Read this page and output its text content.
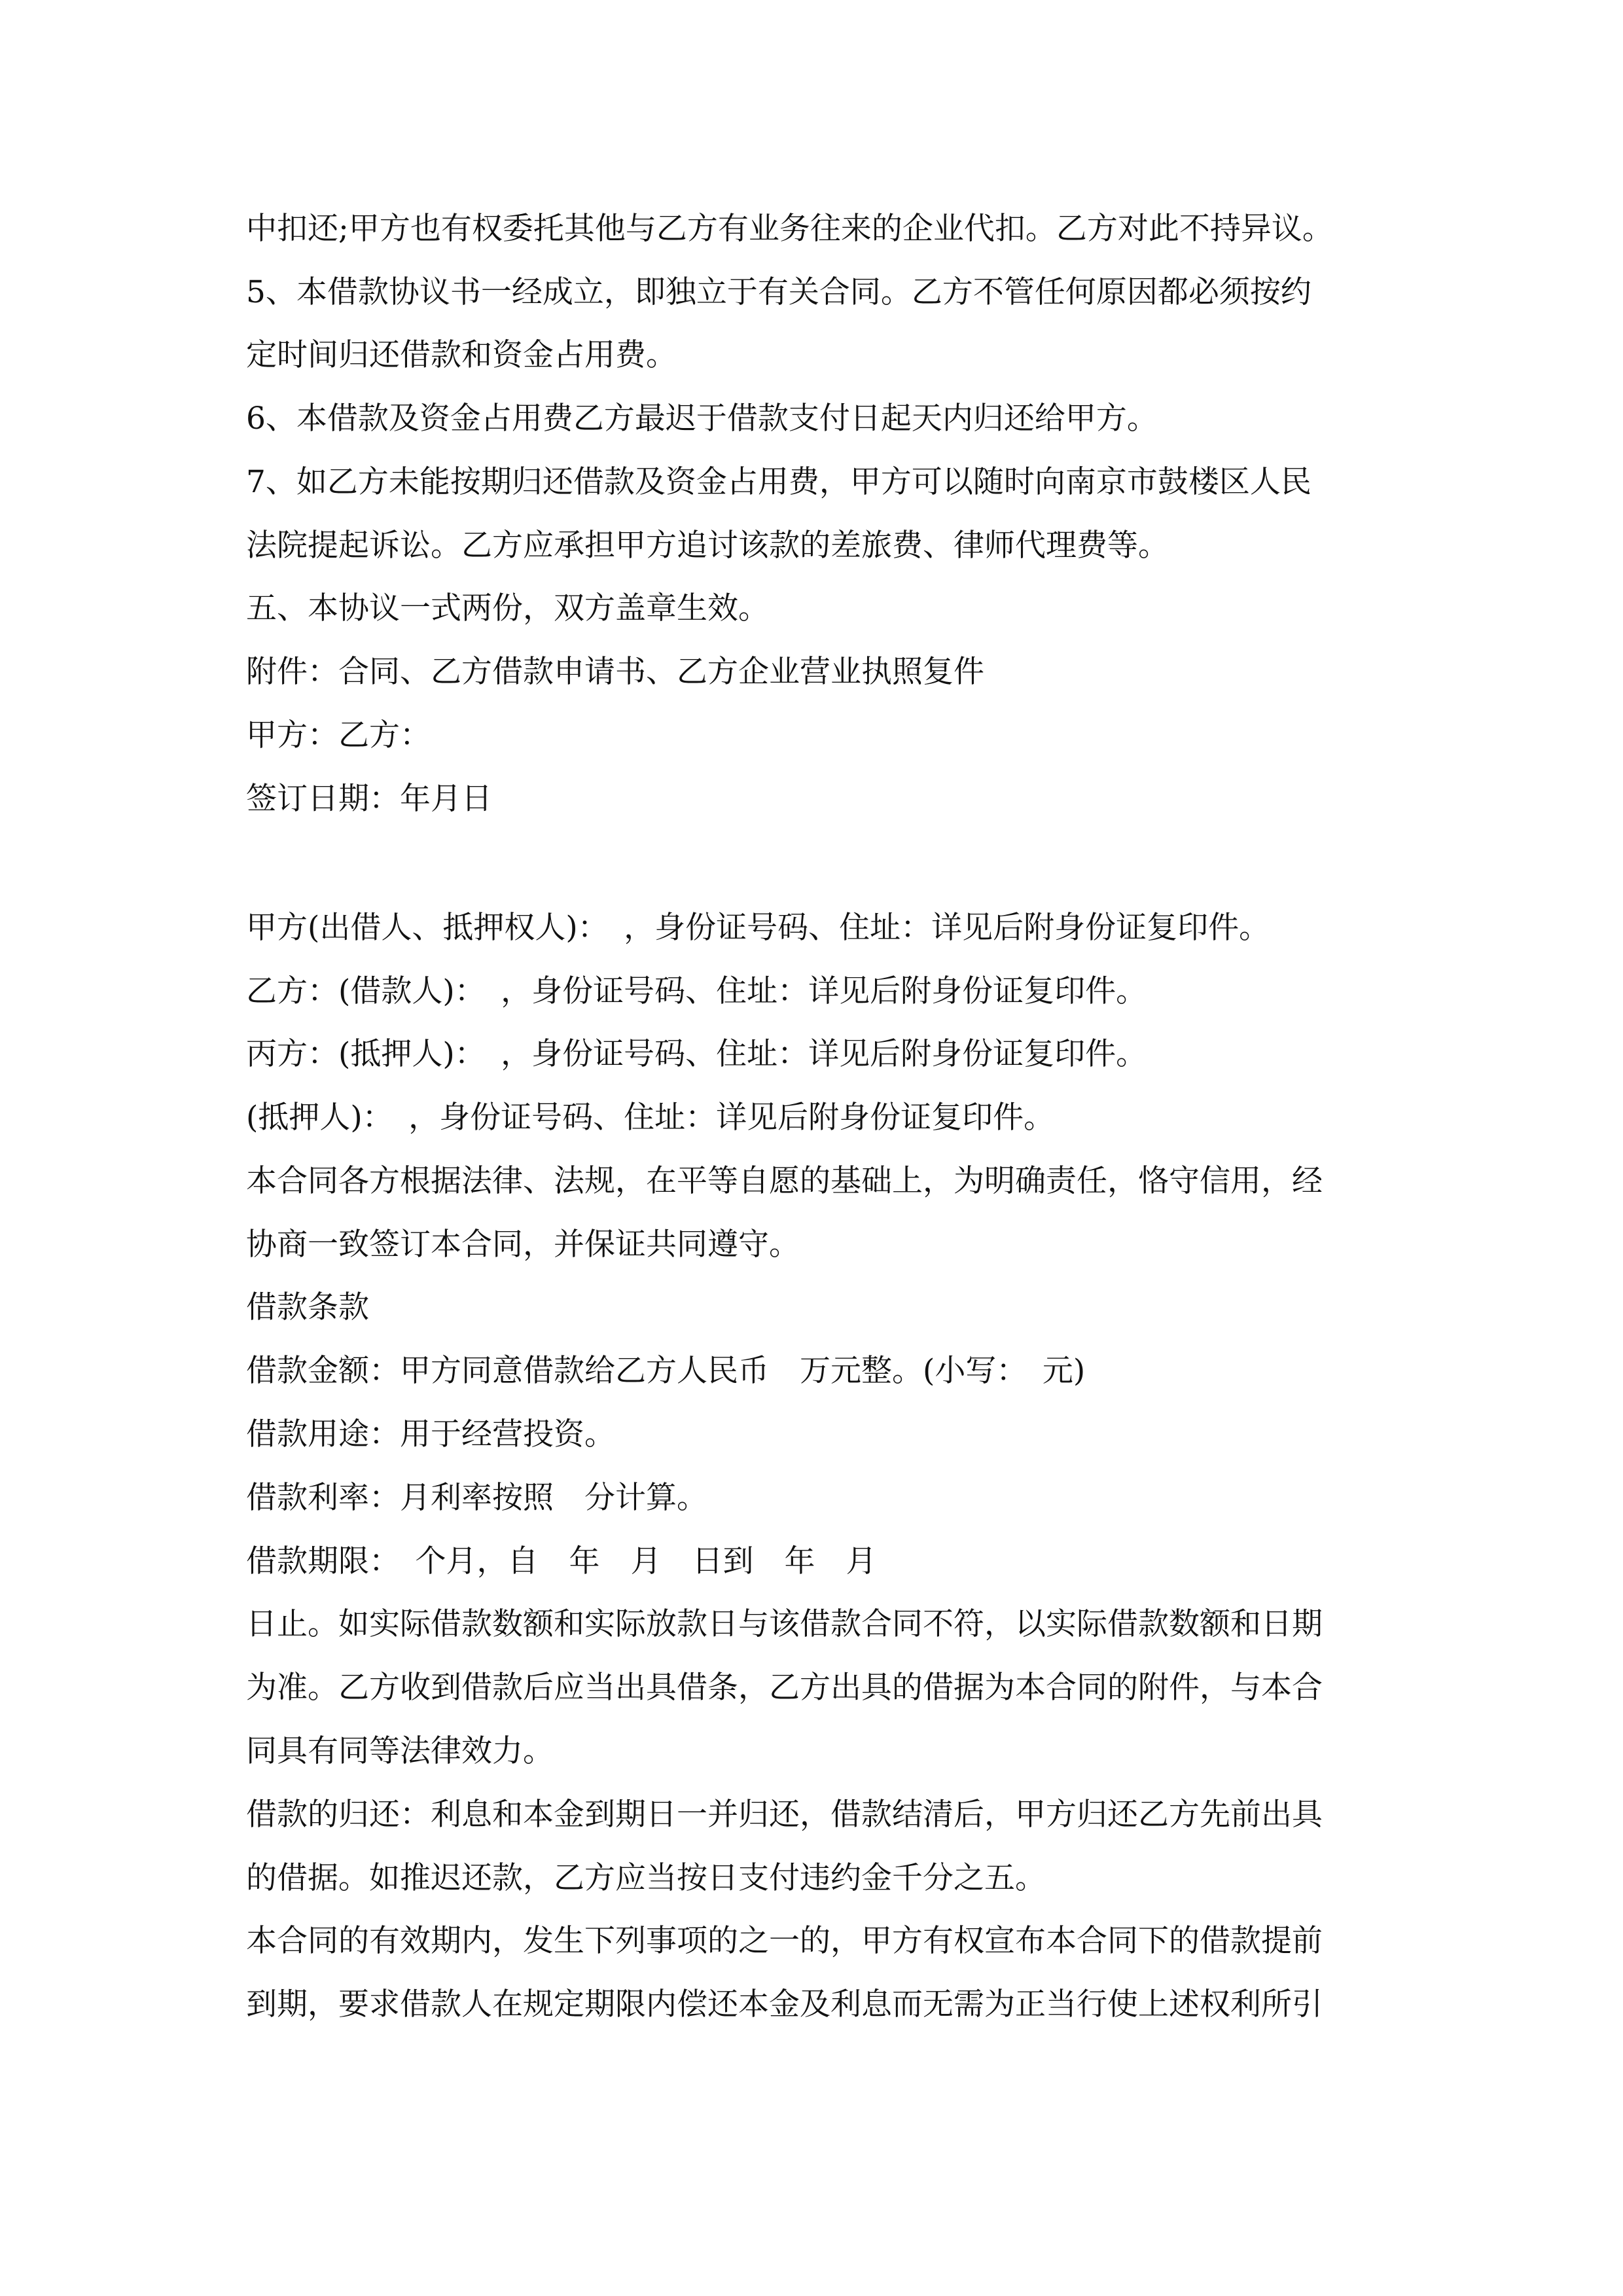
中扣还;甲方也有权委托其他与乙方有业务往来的企业代扣。乙方对此不持异议。
5、本借款协议书一经成立，即独立于有关合同。乙方不管任何原因都必须按约
定时间归还借款和资金占用费。
6、本借款及资金占用费乙方最迟于借款支付日起天内归还给甲方。
7、如乙方未能按期归还借款及资金占用费，甲方可以随时向南京市鼓楼区人民
法院提起诉讼。乙方应承担甲方追讨该款的差旅费、律师代理费等。
五、本协议一式两份，双方盖章生效。
附件：合同、乙方借款申请书、乙方企业营业执照复件
甲方：乙方：
签订日期：年月日
甲方(出借人、抵押权人)：　，身份证号码、住址：详见后附身份证复印件。
乙方：(借款人)：　，身份证号码、住址：详见后附身份证复印件。
丙方：(抵押人)：　，身份证号码、住址：详见后附身份证复印件。
(抵押人)：　，身份证号码、住址：详见后附身份证复印件。
本合同各方根据法律、法规，在平等自愿的基础上，为明确责任，恪守信用，经
协商一致签订本合同，并保证共同遵守。
借款条款
借款金额：甲方同意借款给乙方人民币　万元整。(小写：　元)
借款用途：用于经营投资。
借款利率：月利率按照　分计算。
借款期限：　个月，自　年　月　日到　年　月
日止。如实际借款数额和实际放款日与该借款合同不符，以实际借款数额和日期
为准。乙方收到借款后应当出具借条，乙方出具的借据为本合同的附件，与本合
同具有同等法律效力。
借款的归还：利息和本金到期日一并归还，借款结清后，甲方归还乙方先前出具
的借据。如推迟还款，乙方应当按日支付违约金千分之五。
本合同的有效期内，发生下列事项的之一的，甲方有权宣布本合同下的借款提前
到期，要求借款人在规定期限内偿还本金及利息而无需为正当行使上述权利所引
